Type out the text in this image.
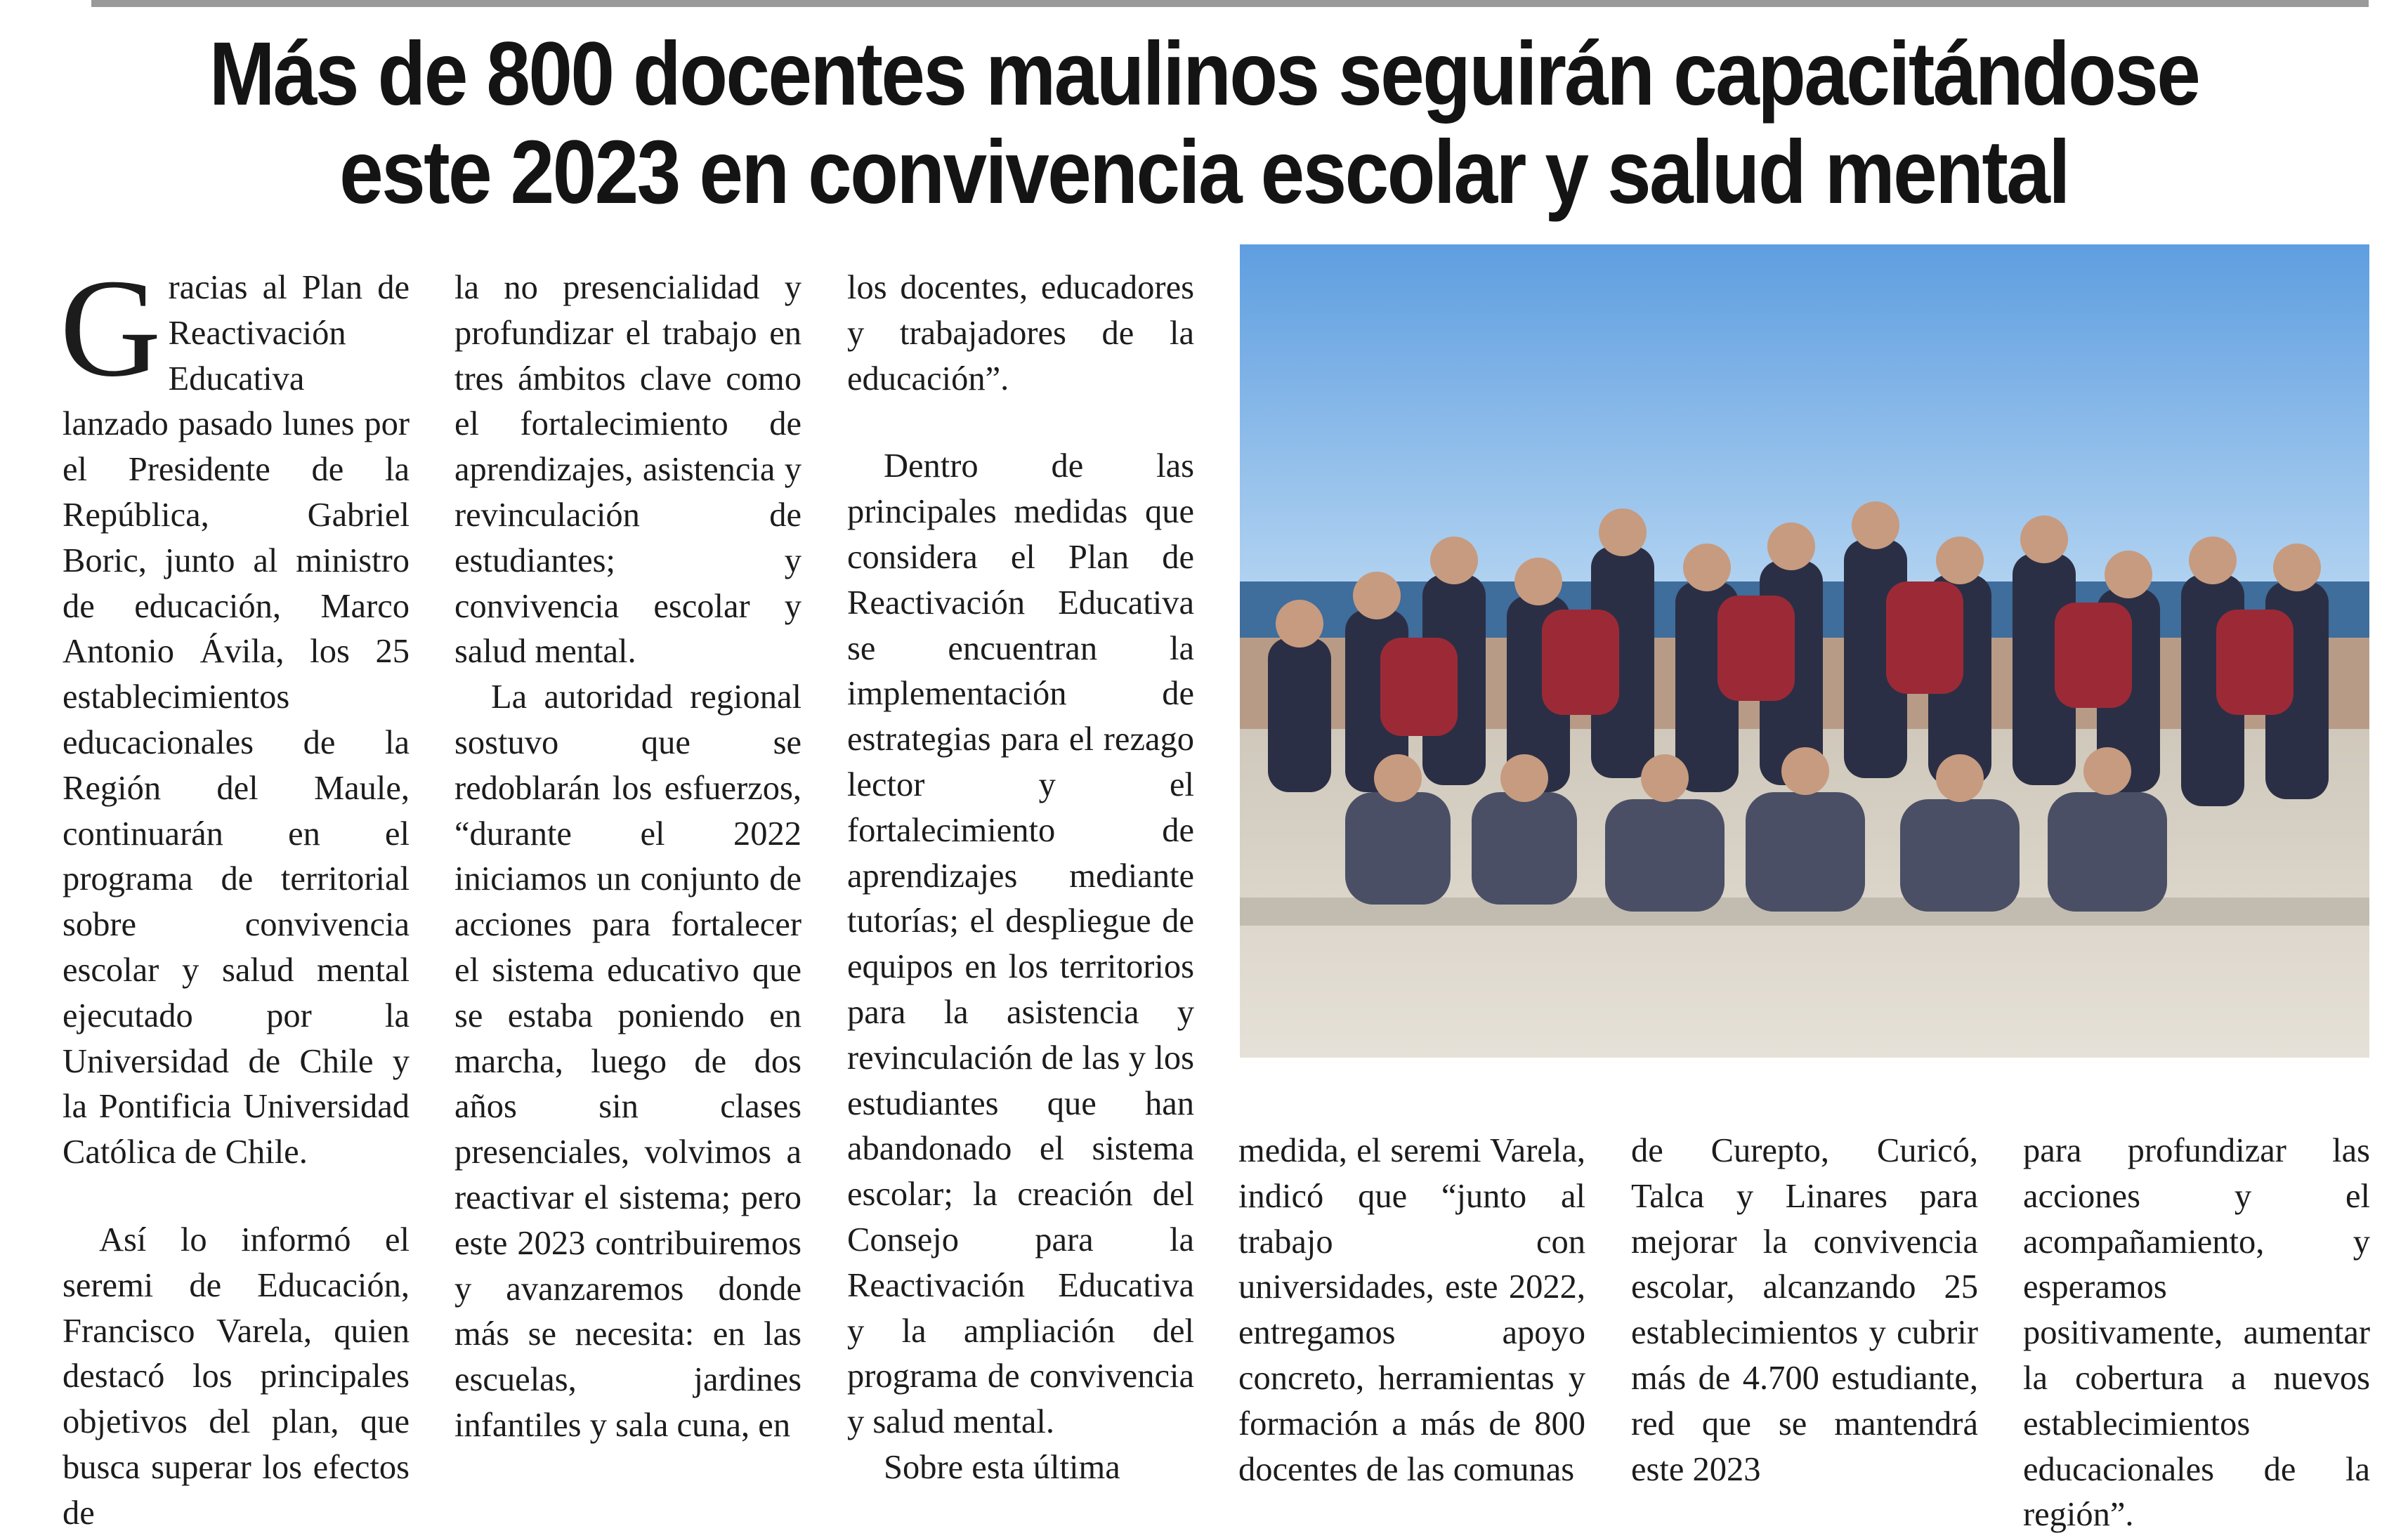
Más de 800 docentes maulinos seguirán capacitándose
este 2023 en convivencia escolar y salud mental

Gracias al Plan de Reactivación Educativa lanzado pasado lunes por el Presidente de la República, Gabriel Boric, junto al ministro de educación, Marco Antonio Ávila, los 25 establecimientos educacionales de la Región del Maule, continuarán en el programa de territorial sobre convivencia escolar y salud mental ejecutado por la Universidad de Chile y la Pontificia Universidad Católica de Chile.

Así lo informó el seremi de Educación, Francisco Varela, quien destacó los principales objetivos del plan, que busca superar los efectos de

la no presencialidad y profundizar el trabajo en tres ámbitos clave como el fortalecimiento de aprendizajes, asistencia y revinculación de estudiantes; y convivencia escolar y salud mental.

La autoridad regional sostuvo que se redoblarán los esfuerzos, “durante el 2022 iniciamos un conjunto de acciones para fortalecer el sistema educativo que se estaba poniendo en marcha, luego de dos años sin clases presenciales, volvimos a reactivar el sistema; pero este 2023 contribuiremos y avanzaremos donde más se necesita: en las escuelas, jardines infantiles y sala cuna, en

los docentes, educadores y trabajadores de la educación”.

Dentro de las principales medidas que considera el Plan de Reactivación Educativa se encuentran la implementación de estrategias para el rezago lector y el fortalecimiento de aprendizajes mediante tutorías; el despliegue de equipos en los territorios para la asistencia y revinculación de las y los estudiantes que han abandonado el sistema escolar; la creación del Consejo para la Reactivación Educativa y la ampliación del programa de convivencia y salud mental.

Sobre esta última

medida, el seremi Varela, indicó que “junto al trabajo con universidades, este 2022, entregamos apoyo concreto, herramientas y formación a más de 800 docentes de las comunas

de Curepto, Curicó, Talca y Linares para mejorar la convivencia escolar, alcanzando 25 establecimientos y cubrir más de 4.700 estudiante, red que se mantendrá este 2023

para profundizar las acciones y el acompañamiento, y esperamos positivamente, aumentar la cobertura a nuevos establecimientos educacionales de la región”.
